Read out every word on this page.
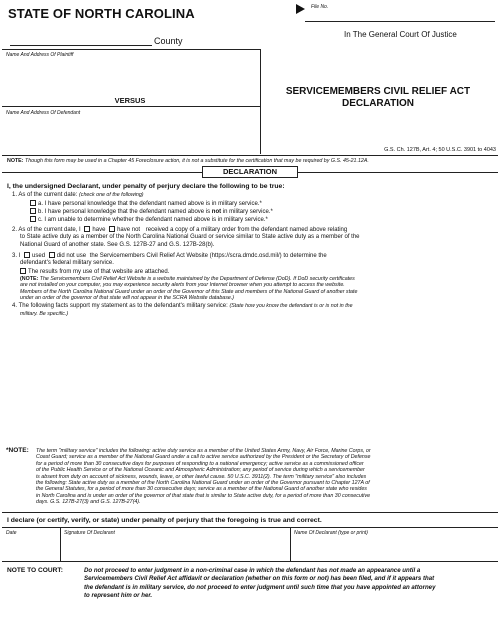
STATE OF NORTH CAROLINA	File No.
County
In The General Court Of Justice
Name And Address Of Plaintiff
VERSUS
Name And Address Of Defendant
SERVICEMEMBERS CIVIL RELIEF ACT
DECLARATION
G.S. Ch. 127B, Art. 4; 50 U.S.C. 3901 to 4043
NOTE: Though this form may be used in a Chapter 45 Foreclosure action, it is not a substitute for the certification that may be required by G.S. 45-21.12A.
DECLARATION
I, the undersigned Declarant, under penalty of perjury declare the following to be true:
1. As of the current date: (check one of the following)
a. I have personal knowledge that the defendant named above is in military service.*
b. I have personal knowledge that the defendant named above is not in military service.*
c. I am unable to determine whether the defendant named above is in military service.*
2. As of the current date, I have have not received a copy of a military order from the defendant named above relating
to State active duty as a member of the North Carolina National Guard or service similar to State active duty as a member of the
National Guard of another state. See G.S. 127B-27 and G.S. 127B-28(b).
3. I used did not use the Servicemembers Civil Relief Act Website (https://scra.dmdc.osd.mil/) to determine the
defendant's federal military service.
The results from my use of that website are attached.
(NOTE: The Servicemembers Civil Relief Act Website is a website maintained by the Department of Defense (DoD). If DoD security certificates
are not installed on your computer, you may experience security alerts from your Internet browser when you attempt to access the website.
Members of the North Carolina National Guard under an order of the Governor of this State and members of the National Guard of another state
under an order of the governor of that state will not appear in the SCRA Website database.)
4. The following facts support my statement as to the defendant's military service: (State how you know the defendant is or is not in the
military. Be specific.)
*NOTE: The term "military service" includes the following: active duty service as a member of the United States Army, Navy, Air Force, Marine Corps, or
Coast Guard; service as a member of the National Guard under a call to active service authorized by the President or the Secretary of Defense
for a period of more than 30 consecutive days for purposes of responding to a national emergency; active service as a commissioned officer
of the Public Health Service or of the National Oceanic and Atmospheric Administration; any period of service during which a servicemember
is absent from duty on account of sickness, wounds, leave, or other lawful cause. 50 U.S.C. 3911(2). The term "military service" also includes
the following: State active duty as a member of the North Carolina National Guard under an order of the Governor pursuant to Chapter 127A of
the General Statutes, for a period of more than 30 consecutive days; service as a member of the National Guard of another state who resides
in North Carolina and is under an order of the governor of that state that is similar to State active duty, for a period of more than 30 consecutive
days. G.S. 127B-27(3) and G.S. 127B-27(4).
I declare (or certify, verify, or state) under penalty of perjury that the foregoing is true and correct.
Date	Signature Of Declarant	Name Of Declarant (type or print)
NOTE TO COURT:	Do not proceed to enter judgment in a non-criminal case in which the defendant has not made an appearance until a
Servicemembers Civil Relief Act affidavit or declaration (whether on this form or not) has been filed, and if it appears that
the defendant is in military service, do not proceed to enter judgment until such time that you have appointed an attorney
to represent him or her.
